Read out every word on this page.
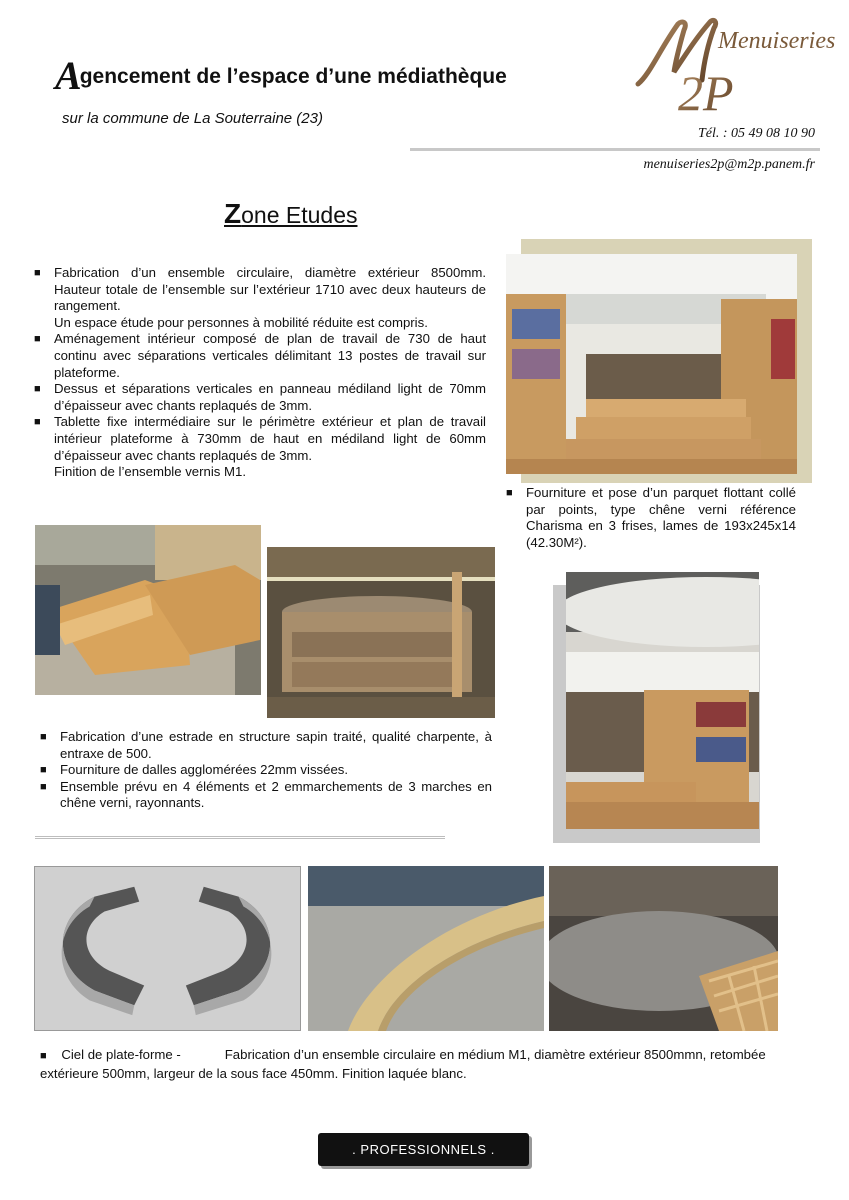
Agencement de l’espace d’une médiathèque
sur la commune de La Souterraine (23)	2P
Menuiseries
Tél. : 05 49 08 10 90
menuiseries2p@m2p.panem.fr
Zone Etudes
■ Fabrication d’un ensemble circulaire, diamètre extérieur 8500mm. Hauteur totale de l’ensemble sur l’extérieur 1710 avec deux hauteurs de rangement.
Un espace étude pour personnes à mobilité réduite est compris.
■ Aménagement intérieur composé de plan de travail de 730 de haut continu avec séparations verticales délimitant 13 postes de travail sur plateforme.
■ Dessus et séparations verticales en panneau médiland light de 70mm d’épaisseur avec chants replaqués de 3mm.
■ Tablette fixe intermédiaire sur le périmètre extérieur et plan de travail intérieur plateforme à 730mm de haut en médiland light de 60mm d’épaisseur avec chants replaqués de 3mm.
Finition de l’ensemble vernis M1.
■ Fourniture et pose d’un parquet flottant collé par points, type chêne verni référence Charisma en 3 frises, lames de 193x245x14 (42.30M²).
■ Fabrication d’une estrade en structure sapin traité, qualité charpente, à entraxe de 500.
■ Fourniture de dalles agglomérées 22mm vissées.
■ Ensemble prévu en 4 éléments et 2 emmarchements de 3 marches en chêne verni, rayonnants.
■ Ciel de plate-forme -	Fabrication d’un ensemble circulaire en médium M1, diamètre extérieur 8500mmn, retombée extérieure 500mm, largeur de la sous face 450mm. Finition laquée blanc.
. PROFESSIONNELS .
